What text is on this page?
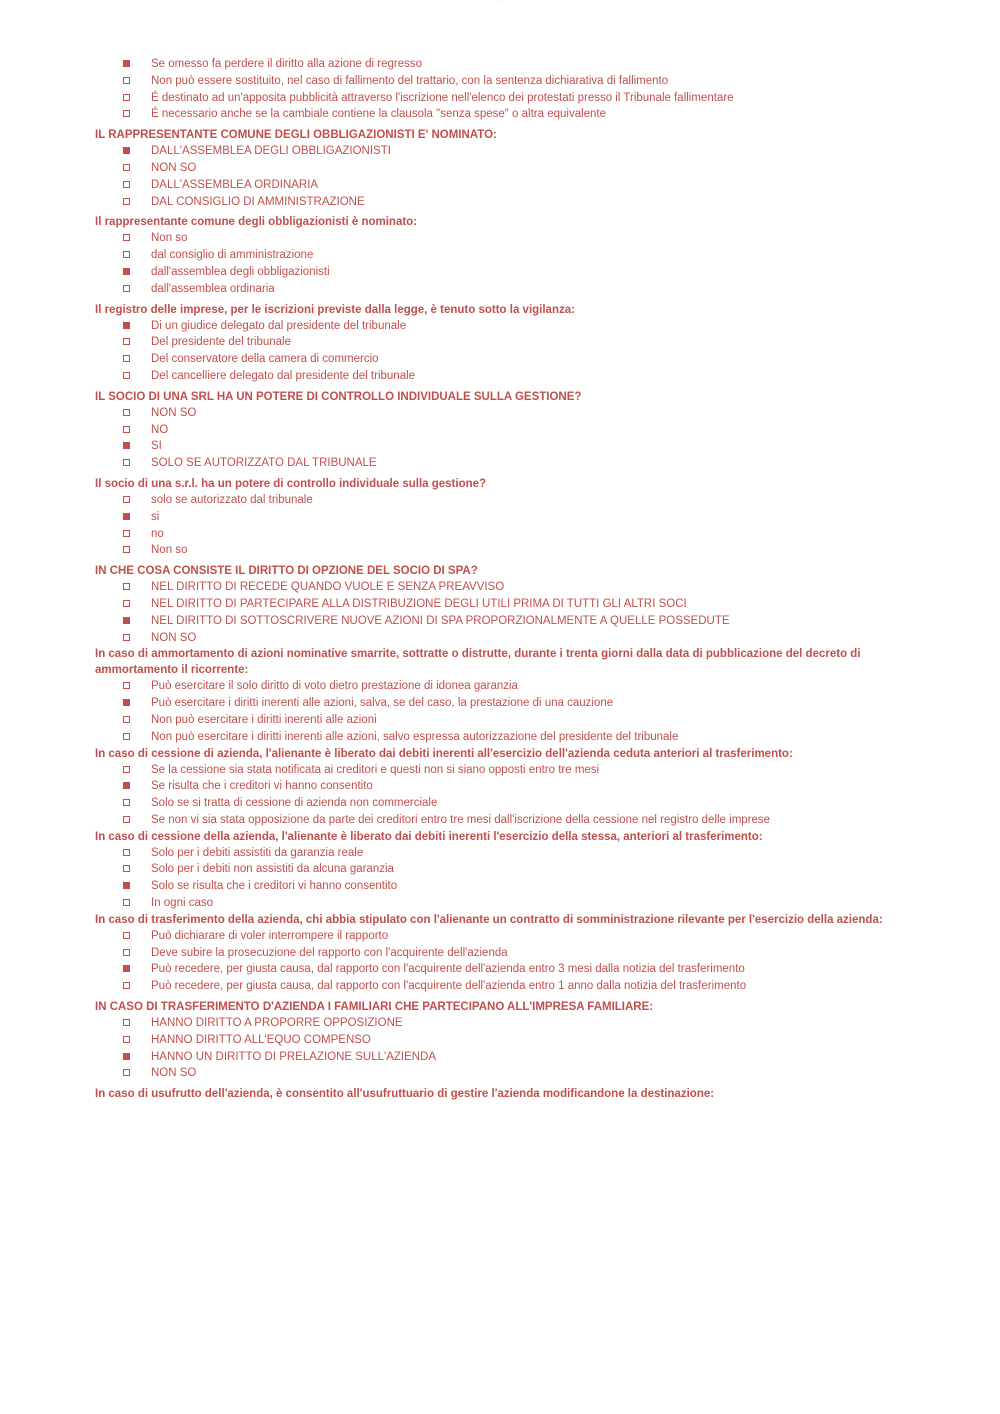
- - - -
Se omesso fa perdere il diritto alla azione di regresso
Non può essere sostituito, nel caso di fallimento del trattario, con la sentenza dichiarativa di fallimento
É destinato ad un'apposita pubblicità attraverso l'iscrizione nell'elenco dei protestati presso il Tribunale fallimentare
É necessario anche se la cambiale contiene la clausola "senza spese" o altra equivalente

IL RAPPRESENTANTE COMUNE DEGLI OBBLIGAZIONISTI E' NOMINATO:

DALL'ASSEMBLEA DEGLI OBBLIGAZIONISTI
NON SO
DALL'ASSEMBLEA ORDINARIA
DAL CONSIGLIO DI AMMINISTRAZIONE

Il rappresentante comune degli obbligazionisti è nominato:

Non so
dal consiglio di amministrazione
dall'assemblea degli obbligazionisti
dall'assemblea ordinaria

Il registro delle imprese, per le iscrizioni previste dalla legge, è tenuto sotto la vigilanza:

Di un giudice delegato dal presidente del tribunale
Del presidente del tribunale
Del conservatore della camera di commercio
Del cancelliere delegato dal presidente del tribunale

IL SOCIO DI UNA SRL HA UN POTERE DI CONTROLLO INDIVIDUALE SULLA GESTIONE?

NON SO
NO
SI
SOLO SE AUTORIZZATO DAL TRIBUNALE

Il socio di una s.r.l. ha un potere di controllo individuale sulla gestione?

solo se autorizzato dal tribunale
si
no
Non so

IN CHE COSA CONSISTE IL DIRITTO DI OPZIONE DEL SOCIO DI SPA?

NEL DIRITTO DI RECEDE QUANDO VUOLE E SENZA PREAVVISO
NEL DIRITTO DI PARTECIPARE ALLA DISTRIBUZIONE DEGLI UTILI PRIMA DI TUTTI GLI ALTRI SOCI
NEL DIRITTO DI SOTTOSCRIVERE NUOVE AZIONI DI SPA PROPORZIONALMENTE A QUELLE POSSEDUTE
NON SO

In caso di ammortamento di azioni nominative smarrite, sottratte o distrutte, durante i trenta giorni dalla data di pubblicazione del decreto di ammortamento il ricorrente:

Può esercitare il solo diritto di voto dietro prestazione di idonea garanzia
Può esercitare i diritti inerenti alle azioni, salva, se del caso, la prestazione di una cauzione
Non può esercitare i diritti inerenti alle azioni
Non può esercitare i diritti inerenti alle azioni, salvo espressa autorizzazione del presidente del tribunale

In caso di cessione di azienda, l'alienante è liberato dai debiti inerenti all'esercizio dell'azienda ceduta anteriori al trasferimento:

Se la cessione sia stata notificata ai creditori e questi non si siano opposti entro tre mesi
Se risulta che i creditori vi hanno consentito
Solo se si tratta di cessione di azienda non commerciale
Se non vi sia stata opposizione da parte dei creditori entro tre mesi dall'iscrizione della cessione nel registro delle imprese

In caso di cessione della azienda, l'alienante è liberato dai debiti inerenti l'esercizio della stessa, anteriori al trasferimento:

Solo per i debiti assistiti da garanzia reale
Solo per i debiti non assistiti da alcuna garanzia
Solo se risulta che i creditori vi hanno consentito
In ogni caso

In caso di trasferimento della azienda, chi abbia stipulato con l'alienante un contratto di somministrazione rilevante per l'esercizio della azienda:

Può dichiarare di voler interrompere il rapporto
Deve subire la prosecuzione del rapporto con l'acquirente dell'azienda
Può recedere, per giusta causa, dal rapporto con l'acquirente dell'azienda entro 3 mesi dalla notizia del trasferimento
Può recedere, per giusta causa, dal rapporto con l'acquirente dell'azienda entro 1 anno dalla notizia del trasferimento

IN CASO DI TRASFERIMENTO D'AZIENDA I FAMILIARI CHE PARTECIPANO ALL'IMPRESA FAMILIARE:

HANNO DIRITTO A PROPORRE OPPOSIZIONE
HANNO DIRITTO ALL'EQUO COMPENSO
HANNO UN DIRITTO DI PRELAZIONE SULL'AZIENDA
NON SO

In caso di usufrutto dell'azienda, è consentito all'usufruttuario di gestire l'azienda modificandone la destinazione:
